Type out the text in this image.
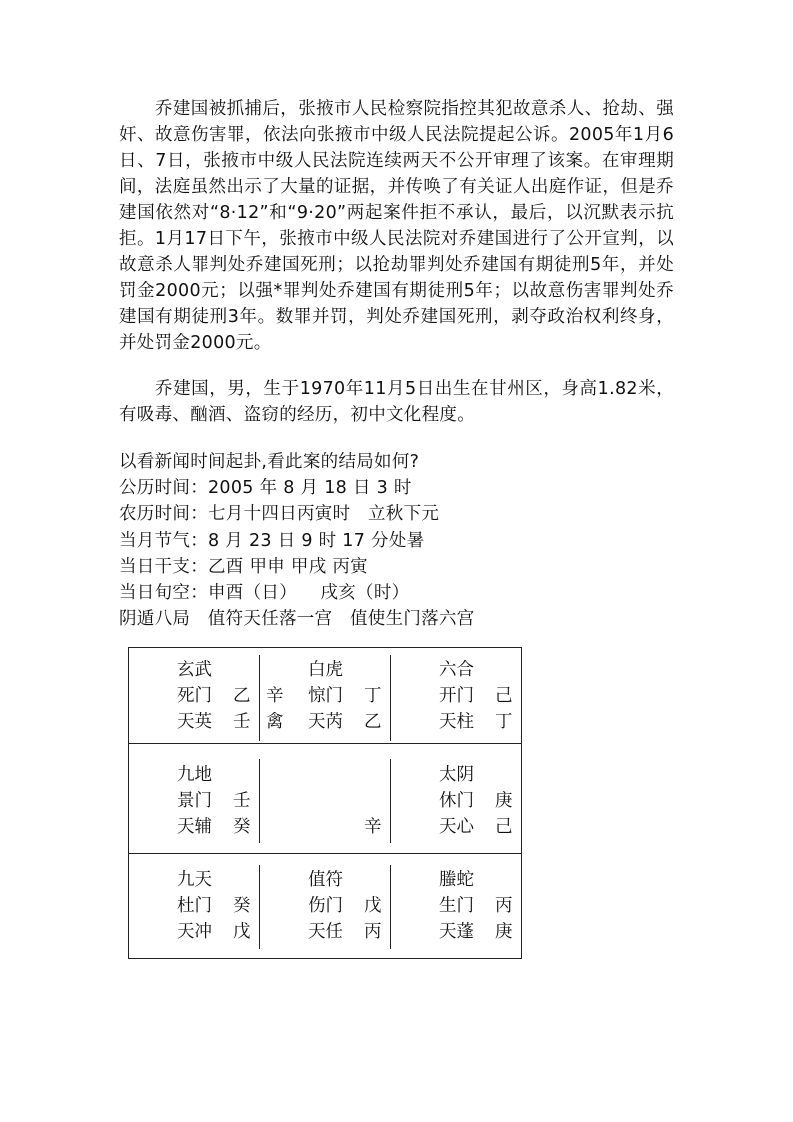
乔建国被抓捕后，张掖市人民检察院指控其犯故意杀人、抢劫、强奸、故意伤害罪，依法向张掖市中级人民法院提起公诉。2005年1月6日、7日，张掖市中级人民法院连续两天不公开审理了该案。在审理期间，法庭虽然出示了大量的证据，并传唤了有关证人出庭作证，但是乔建国依然对“8·12”和“9·20”两起案件拒不承认，最后，以沉默表示抗拒。1月17日下午，张掖市中级人民法院对乔建国进行了公开宣判，以故意杀人罪判处乔建国死刑；以抢劫罪判处乔建国有期徒刑5年，并处罚金2000元；以强*罪判处乔建国有期徒刑5年；以故意伤害罪判处乔建国有期徒刑3年。数罪并罚，判处乔建国死刑，剥夺政治权利终身，并处罚金2000元。

乔建国，男，生于1970年11月5日出生在甘州区，身高1.82米，有吸毒、酗酒、盗窃的经历，初中文化程度。

以看新闻时间起卦,看此案的结局如何?
公历时间：2005 年 8 月 18 日 3 时
农历时间：七月十四日丙寅时   立秋下元
当月节气：8 月 23 日 9 时 17 分处暑
当日干支：乙酉 甲申 甲戌 丙寅
当日旬空：申酉（日）    戌亥（时）
阴遁八局   值符天任落一宫   值使生门落六宫
玄武
死门 乙
天英 壬
白虎
惊门 丁
辛
禽 天芮 乙
六合
开门 己
天柱 丁
九地
景门 壬
天辅 癸	辛
太阴
休门 庚
天心 己
九天
杜门 癸
天冲 戊
值符
伤门 戊
天任 丙
螣蛇
生门 丙
天蓬 庚
